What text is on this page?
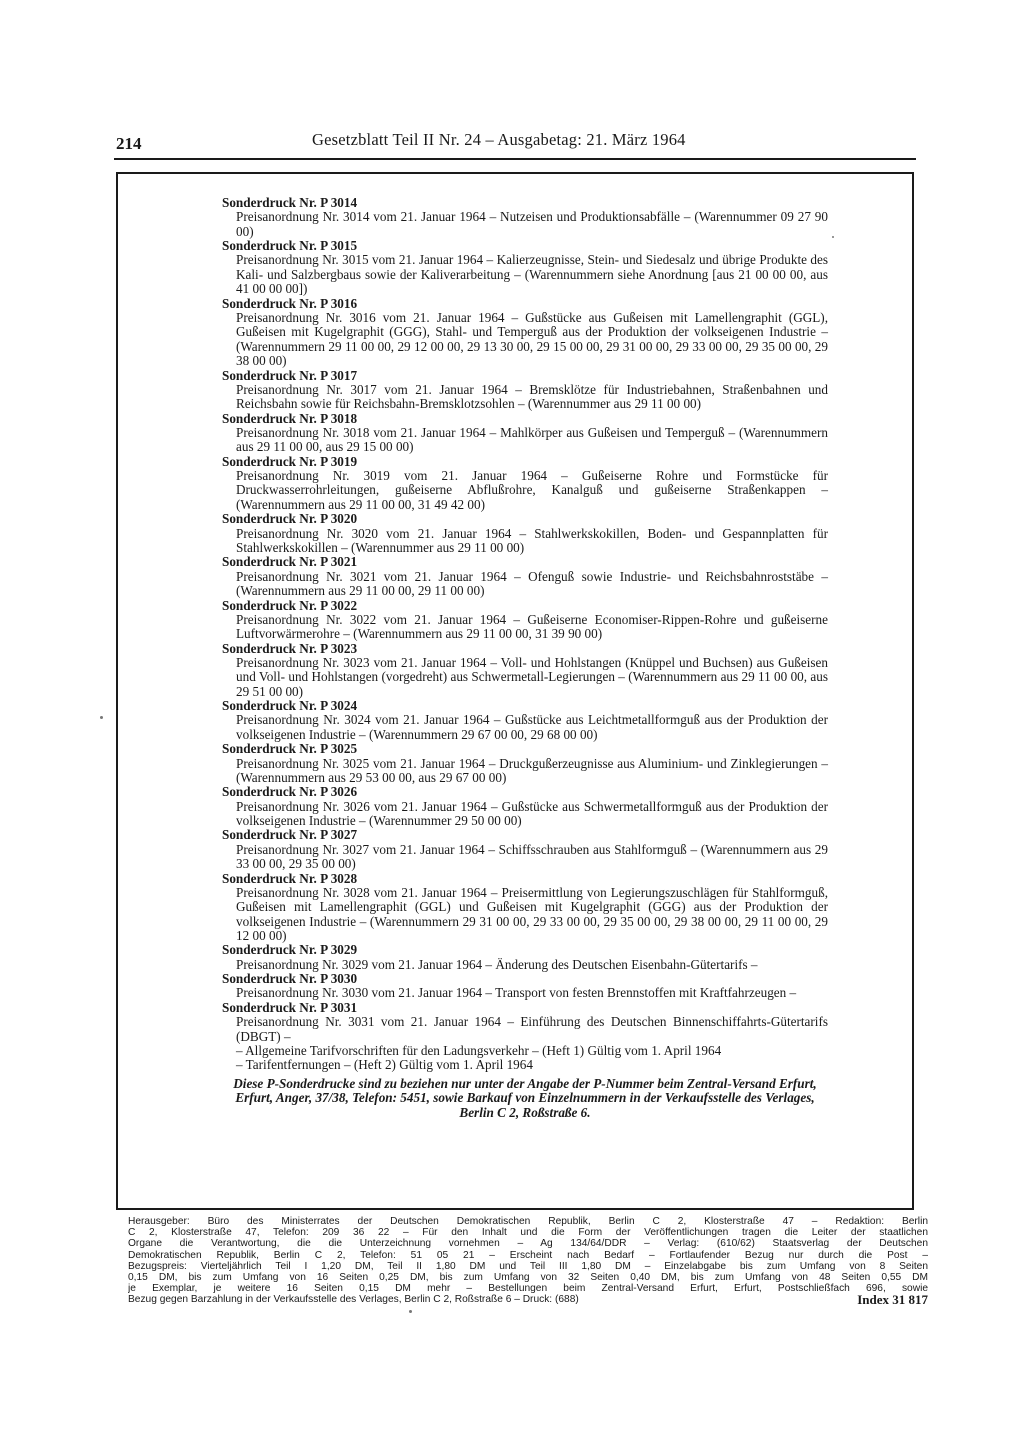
214	Gesetzblatt Teil II Nr. 24 – Ausgabetag: 21. März 1964
Sonderdruck Nr. P 3014
Preisanordnung Nr. 3014 vom 21. Januar 1964 – Nutzeisen und Produktionsabfälle – (Warennummer 09 27 90 00)
Sonderdruck Nr. P 3015
Preisanordnung Nr. 3015 vom 21. Januar 1964 – Kalierzeugnisse, Stein- und Siedesalz und übrige Produkte des Kali- und Salzbergbaus sowie der Kaliverarbeitung – (Warennummern siehe Anordnung [aus 21 00 00 00, aus 41 00 00 00])
Sonderdruck Nr. P 3016
Preisanordnung Nr. 3016 vom 21. Januar 1964 – Gußstücke aus Gußeisen mit Lamellengraphit (GGL), Gußeisen mit Kugelgraphit (GGG), Stahl- und Temperguß aus der Produktion der volkseigenen Industrie – (Warennummern 29 11 00 00, 29 12 00 00, 29 13 30 00, 29 15 00 00, 29 31 00 00, 29 33 00 00, 29 35 00 00, 29 38 00 00)
Sonderdruck Nr. P 3017
Preisanordnung Nr. 3017 vom 21. Januar 1964 – Bremsklötze für Industriebahnen, Straßenbahnen und Reichsbahn sowie für Reichsbahn-Bremsklotzsohlen – (Warennummer aus 29 11 00 00)
Sonderdruck Nr. P 3018
Preisanordnung Nr. 3018 vom 21. Januar 1964 – Mahlkörper aus Gußeisen und Temperguß – (Warennummern aus 29 11 00 00, aus 29 15 00 00)
Sonderdruck Nr. P 3019
Preisanordnung Nr. 3019 vom 21. Januar 1964 – Gußeiserne Rohre und Formstücke für Druckwasserrohrleitungen, gußeiserne Abflußrohre, Kanalguß und gußeiserne Straßenkappen – (Warennummern aus 29 11 00 00, 31 49 42 00)
Sonderdruck Nr. P 3020
Preisanordnung Nr. 3020 vom 21. Januar 1964 – Stahlwerkskokillen, Boden- und Gespannplatten für Stahlwerkskokillen – (Warennummer aus 29 11 00 00)
Sonderdruck Nr. P 3021
Preisanordnung Nr. 3021 vom 21. Januar 1964 – Ofenguß sowie Industrie- und Reichsbahnroststäbe – (Warennummern aus 29 11 00 00, 29 11 00 00)
Sonderdruck Nr. P 3022
Preisanordnung Nr. 3022 vom 21. Januar 1964 – Gußeiserne Economiser-Rippen-Rohre und gußeiserne Luftvorwärmerohre – (Warennummern aus 29 11 00 00, 31 39 90 00)
Sonderdruck Nr. P 3023
Preisanordnung Nr. 3023 vom 21. Januar 1964 – Voll- und Hohlstangen (Knüppel und Buchsen) aus Gußeisen und Voll- und Hohlstangen (vorgedreht) aus Schwermetall-Legierungen – (Warennummern aus 29 11 00 00, aus 29 51 00 00)
Sonderdruck Nr. P 3024
Preisanordnung Nr. 3024 vom 21. Januar 1964 – Gußstücke aus Leichtmetallformguß aus der Produktion der volkseigenen Industrie – (Warennummern 29 67 00 00, 29 68 00 00)
Sonderdruck Nr. P 3025
Preisanordnung Nr. 3025 vom 21. Januar 1964 – Druckgußerzeugnisse aus Aluminium- und Zinklegierungen – (Warennummern aus 29 53 00 00, aus 29 67 00 00)
Sonderdruck Nr. P 3026
Preisanordnung Nr. 3026 vom 21. Januar 1964 – Gußstücke aus Schwermetallformguß aus der Produktion der volkseigenen Industrie – (Warennummer 29 50 00 00)
Sonderdruck Nr. P 3027
Preisanordnung Nr. 3027 vom 21. Januar 1964 – Schiffsschrauben aus Stahlformguß – (Warennummern aus 29 33 00 00, 29 35 00 00)
Sonderdruck Nr. P 3028
Preisanordnung Nr. 3028 vom 21. Januar 1964 – Preisermittlung von Legierungszuschlägen für Stahlformguß, Gußeisen mit Lamellengraphit (GGL) und Gußeisen mit Kugelgraphit (GGG) aus der Produktion der volkseigenen Industrie – (Warennummern 29 31 00 00, 29 33 00 00, 29 35 00 00, 29 38 00 00, 29 11 00 00, 29 12 00 00)
Sonderdruck Nr. P 3029
Preisanordnung Nr. 3029 vom 21. Januar 1964 – Änderung des Deutschen Eisenbahn-Gütertarifs –
Sonderdruck Nr. P 3030
Preisanordnung Nr. 3030 vom 21. Januar 1964 – Transport von festen Brennstoffen mit Kraftfahrzeugen –
Sonderdruck Nr. P 3031
Preisanordnung Nr. 3031 vom 21. Januar 1964 – Einführung des Deutschen Binnenschiffahrts-Gütertarifs (DBGT) –
– Allgemeine Tarifvorschriften für den Ladungsverkehr – (Heft 1) Gültig vom 1. April 1964
– Tarifentfernungen – (Heft 2) Gültig vom 1. April 1964
Diese P-Sonderdrucke sind zu beziehen nur unter der Angabe der P-Nummer beim Zentral-Versand Erfurt, Erfurt, Anger, 37/38, Telefon: 5451, sowie Barkauf von Einzelnummern in der Verkaufsstelle des Verlages, Berlin C 2, Roßstraße 6.
Herausgeber: Büro des Ministerrates der Deutschen Demokratischen Republik, Berlin C 2, Klosterstraße 47 – Redaktion: Berlin
C 2, Klosterstraße 47, Telefon: 209 36 22 – Für den Inhalt und die Form der Veröffentlichungen tragen die Leiter der staatlichen
Organe die Verantwortung, die die Unterzeichnung vornehmen – Ag 134/64/DDR – Verlag: (610/62) Staatsverlag der Deutschen
Demokratischen Republik, Berlin C 2, Telefon: 51 05 21 – Erscheint nach Bedarf – Fortlaufender Bezug nur durch die Post –
Bezugspreis: Vierteljährlich Teil I 1,20 DM, Teil II 1,80 DM und Teil III 1,80 DM – Einzelabgabe bis zum Umfang von 8 Seiten
0,15 DM, bis zum Umfang von 16 Seiten 0,25 DM, bis zum Umfang von 32 Seiten 0,40 DM, bis zum Umfang von 48 Seiten 0,55 DM
je Exemplar, je weitere 16 Seiten 0,15 DM mehr – Bestellungen beim Zentral-Versand Erfurt, Erfurt, Postschließfach 696, sowie
Bezug gegen Barzahlung in der Verkaufsstelle des Verlages, Berlin C 2, Roßstraße 6 – Druck: (688)	Index 31 817
